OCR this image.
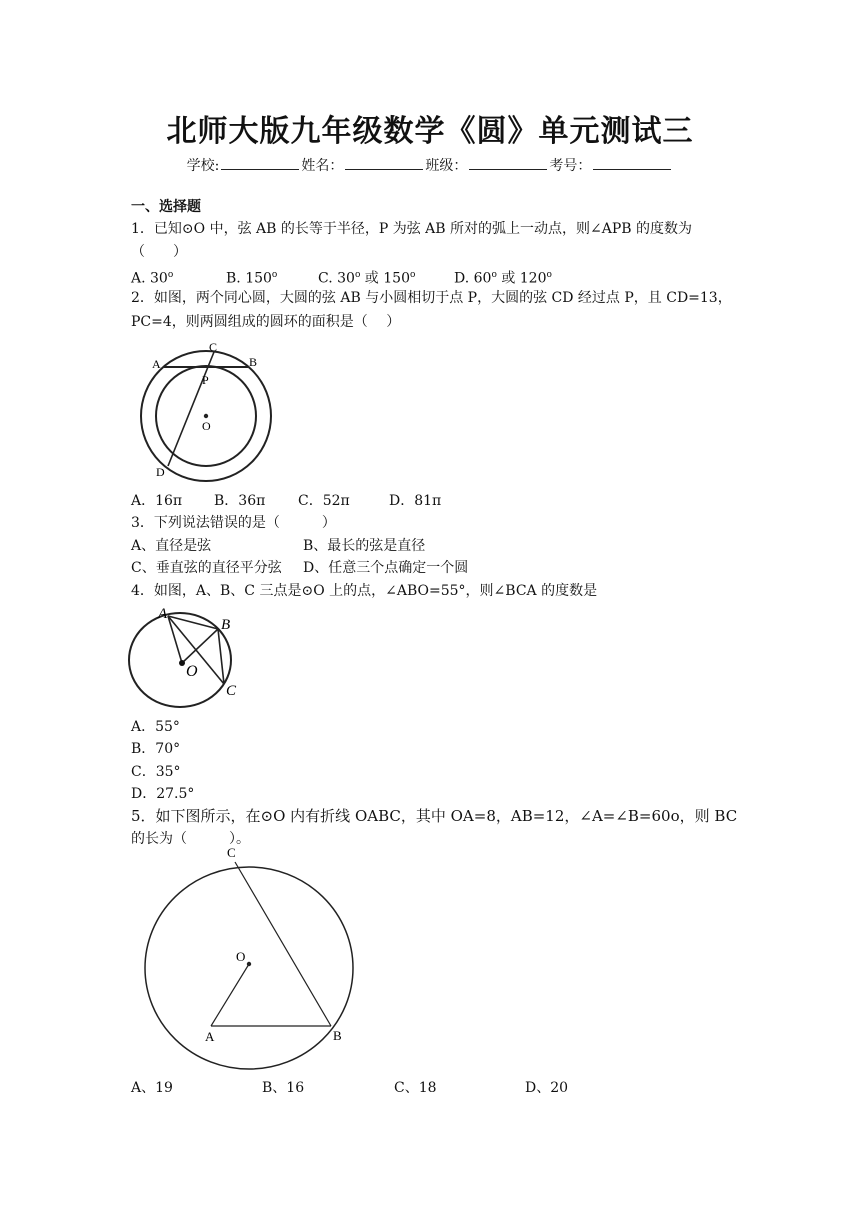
北师大版九年级数学《圆》单元测试三
学校:	姓名：	班级：	考号：
一、选择题
1．已知⊙O 中，弦 AB 的长等于半径，P 为弦 AB 所对的弧上一动点，则∠APB 的度数为
（　　）
A. 30$^o$	B. 150$^o$	C. 30$^o$ 或 150$^o$	D. 60$^o$ 或 120$^o$
2．如图，两个同心圆，大圆的弦 AB 与小圆相切于点 P，大圆的弦 CD 经过点 P，且 CD=13，
PC=4，则两圆组成的圆环的面积是（　 ）
A	B
C
P
O
D
A．16π B．36π C．52π	D．81π
3．下列说法错误的是（　　　）
A、直径是弦	B、最长的弦是直径
C、垂直弦的直径平分弦 D、任意三个点确定一个圆
4．如图，A、B、C 三点是⊙O 上的点，∠ABO=55°，则∠BCA 的度数是
A
B
O
C
A．55°
B．70°
C．35°
D．27.5°
5．如下图所示，在⊙O 内有折线 OABC，其中 OA=8，AB=12，∠A=∠B=60o，则 BC
的长为（　　　）。
C
O
A	B
A、19	B、16	C、18	D、20
